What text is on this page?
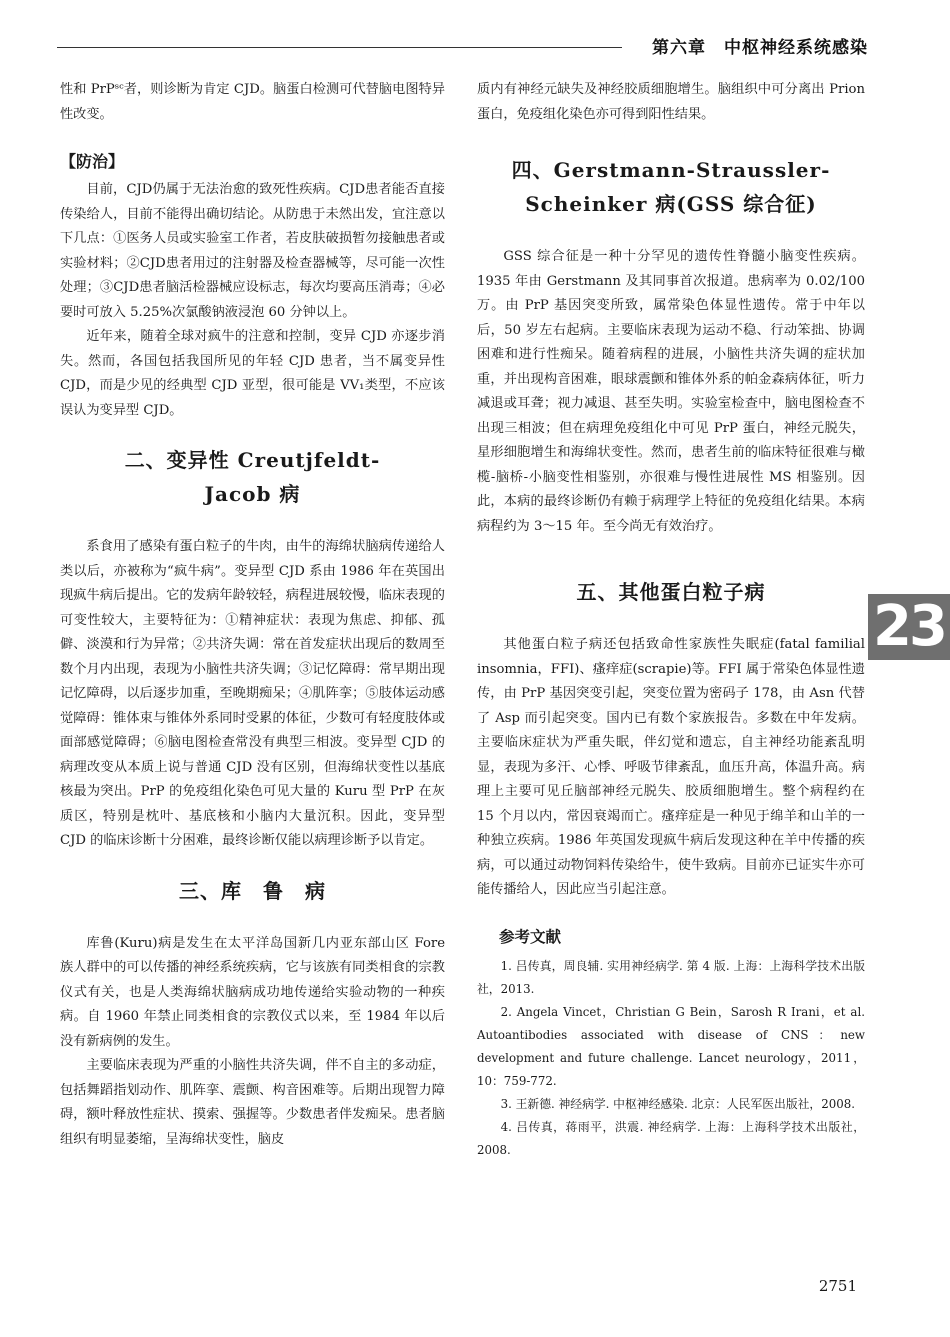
第六章　中枢神经系统感染

性和 PrPˢᶜ者，则诊断为肯定 CJD。脑蛋白检测可代替脑电图特异性改变。

【防治】

目前，CJD仍属于无法治愈的致死性疾病。CJD患者能否直接传染给人，目前不能得出确切结论。从防患于未然出发，宜注意以下几点：①医务人员或实验室工作者，若皮肤破损暂勿接触患者或实验材料；②CJD患者用过的注射器及检查器械等，尽可能一次性处理；③CJD患者脑活检器械应设标志，每次均要高压消毒；④必要时可放入 5.25%次氯酸钠液浸泡 60 分钟以上。

近年来，随着全球对疯牛的注意和控制，变异 CJD 亦逐步消失。然而，各国包括我国所见的年轻 CJD 患者，当不属变异性 CJD，而是少见的经典型 CJD 亚型，很可能是 VV₁类型，不应该误认为变异型 CJD。

二、变异性 Creutjfeldt-
Jacob 病

系食用了感染有蛋白粒子的牛肉，由牛的海绵状脑病传递给人类以后，亦被称为“疯牛病”。变异型 CJD 系由 1986 年在英国出现疯牛病后提出。它的发病年龄较轻，病程进展较慢，临床表现的可变性较大，主要特征为：①精神症状：表现为焦虑、抑郁、孤僻、淡漠和行为异常；②共济失调：常在首发症状出现后的数周至数个月内出现，表现为小脑性共济失调；③记忆障碍：常早期出现记忆障碍，以后逐步加重，至晚期痴呆；④肌阵挛；⑤肢体运动感觉障碍：锥体束与锥体外系同时受累的体征，少数可有轻度肢体或面部感觉障碍；⑥脑电图检查常没有典型三相波。变异型 CJD 的病理改变从本质上说与普通 CJD 没有区别，但海绵状变性以基底核最为突出。PrP 的免疫组化染色可见大量的 Kuru 型 PrP 在灰质区，特别是枕叶、基底核和小脑内大量沉积。因此，变异型 CJD 的临床诊断十分困难，最终诊断仅能以病理诊断予以肯定。

三、库　鲁　病

库鲁(Kuru)病是发生在太平洋岛国新几内亚东部山区 Fore 族人群中的可以传播的神经系统疾病，它与该族有同类相食的宗教仪式有关，也是人类海绵状脑病成功地传递给实验动物的一种疾病。自 1960 年禁止同类相食的宗教仪式以来，至 1984 年以后没有新病例的发生。

主要临床表现为严重的小脑性共济失调，伴不自主的多动症，包括舞蹈指划动作、肌阵挛、震颤、构音困难等。后期出现智力障碍，额叶释放性症状、摸索、强握等。少数患者伴发痴呆。患者脑组织有明显萎缩，呈海绵状变性，脑皮

质内有神经元缺失及神经胶质细胞增生。脑组织中可分离出 Prion 蛋白，免疫组化染色亦可得到阳性结果。

四、Gerstmann-Straussler-
Scheinker 病(GSS 综合征)

GSS 综合征是一种十分罕见的遗传性脊髓小脑变性疾病。1935 年由 Gerstmann 及其同事首次报道。患病率为 0.02/100 万。由 PrP 基因突变所致，属常染色体显性遗传。常于中年以后，50 岁左右起病。主要临床表现为运动不稳、行动笨拙、协调困难和进行性痴呆。随着病程的进展，小脑性共济失调的症状加重，并出现构音困难，眼球震颤和锥体外系的帕金森病体征，听力减退或耳聋；视力减退、甚至失明。实验室检查中，脑电图检查不出现三相波；但在病理免疫组化中可见 PrP 蛋白，神经元脱失，星形细胞增生和海绵状变性。然而，患者生前的临床特征很难与橄榄-脑桥-小脑变性相鉴别，亦很难与慢性进展性 MS 相鉴别。因此，本病的最终诊断仍有赖于病理学上特征的免疫组化结果。本病病程约为 3～15 年。至今尚无有效治疗。

五、其他蛋白粒子病

其他蛋白粒子病还包括致命性家族性失眠症(fatal familial insomnia，FFI)、瘙痒症(scrapie)等。FFI 属于常染色体显性遗传，由 PrP 基因突变引起，突变位置为密码子 178，由 Asn 代替了 Asp 而引起突变。国内已有数个家族报告。多数在中年发病。主要临床症状为严重失眠，伴幻觉和遗忘，自主神经功能紊乱明显，表现为多汗、心悸、呼吸节律紊乱，血压升高，体温升高。病理上主要可见丘脑部神经元脱失、胶质细胞增生。整个病程约在 15 个月以内，常因衰竭而亡。瘙痒症是一种见于绵羊和山羊的一种独立疾病。1986 年英国发现疯牛病后发现这种在羊中传播的疾病，可以通过动物饲料传染给牛，使牛致病。目前亦已证实牛亦可能传播给人，因此应当引起注意。

参考文献

1. 吕传真，周良辅. 实用神经病学. 第 4 版. 上海：上海科学技术出版社，2013.

2. Angela Vincet，Christian G Bein，Sarosh R Irani，et al. Autoantibodies associated with disease of CNS：new development and future challenge. Lancet neurology，2011，10：759-772.

3. 王新德. 神经病学. 中枢神经感染. 北京：人民军医出版社，2008.

4. 吕传真，蒋雨平，洪震. 神经病学. 上海：上海科学技术出版社，2008.

23
2751
